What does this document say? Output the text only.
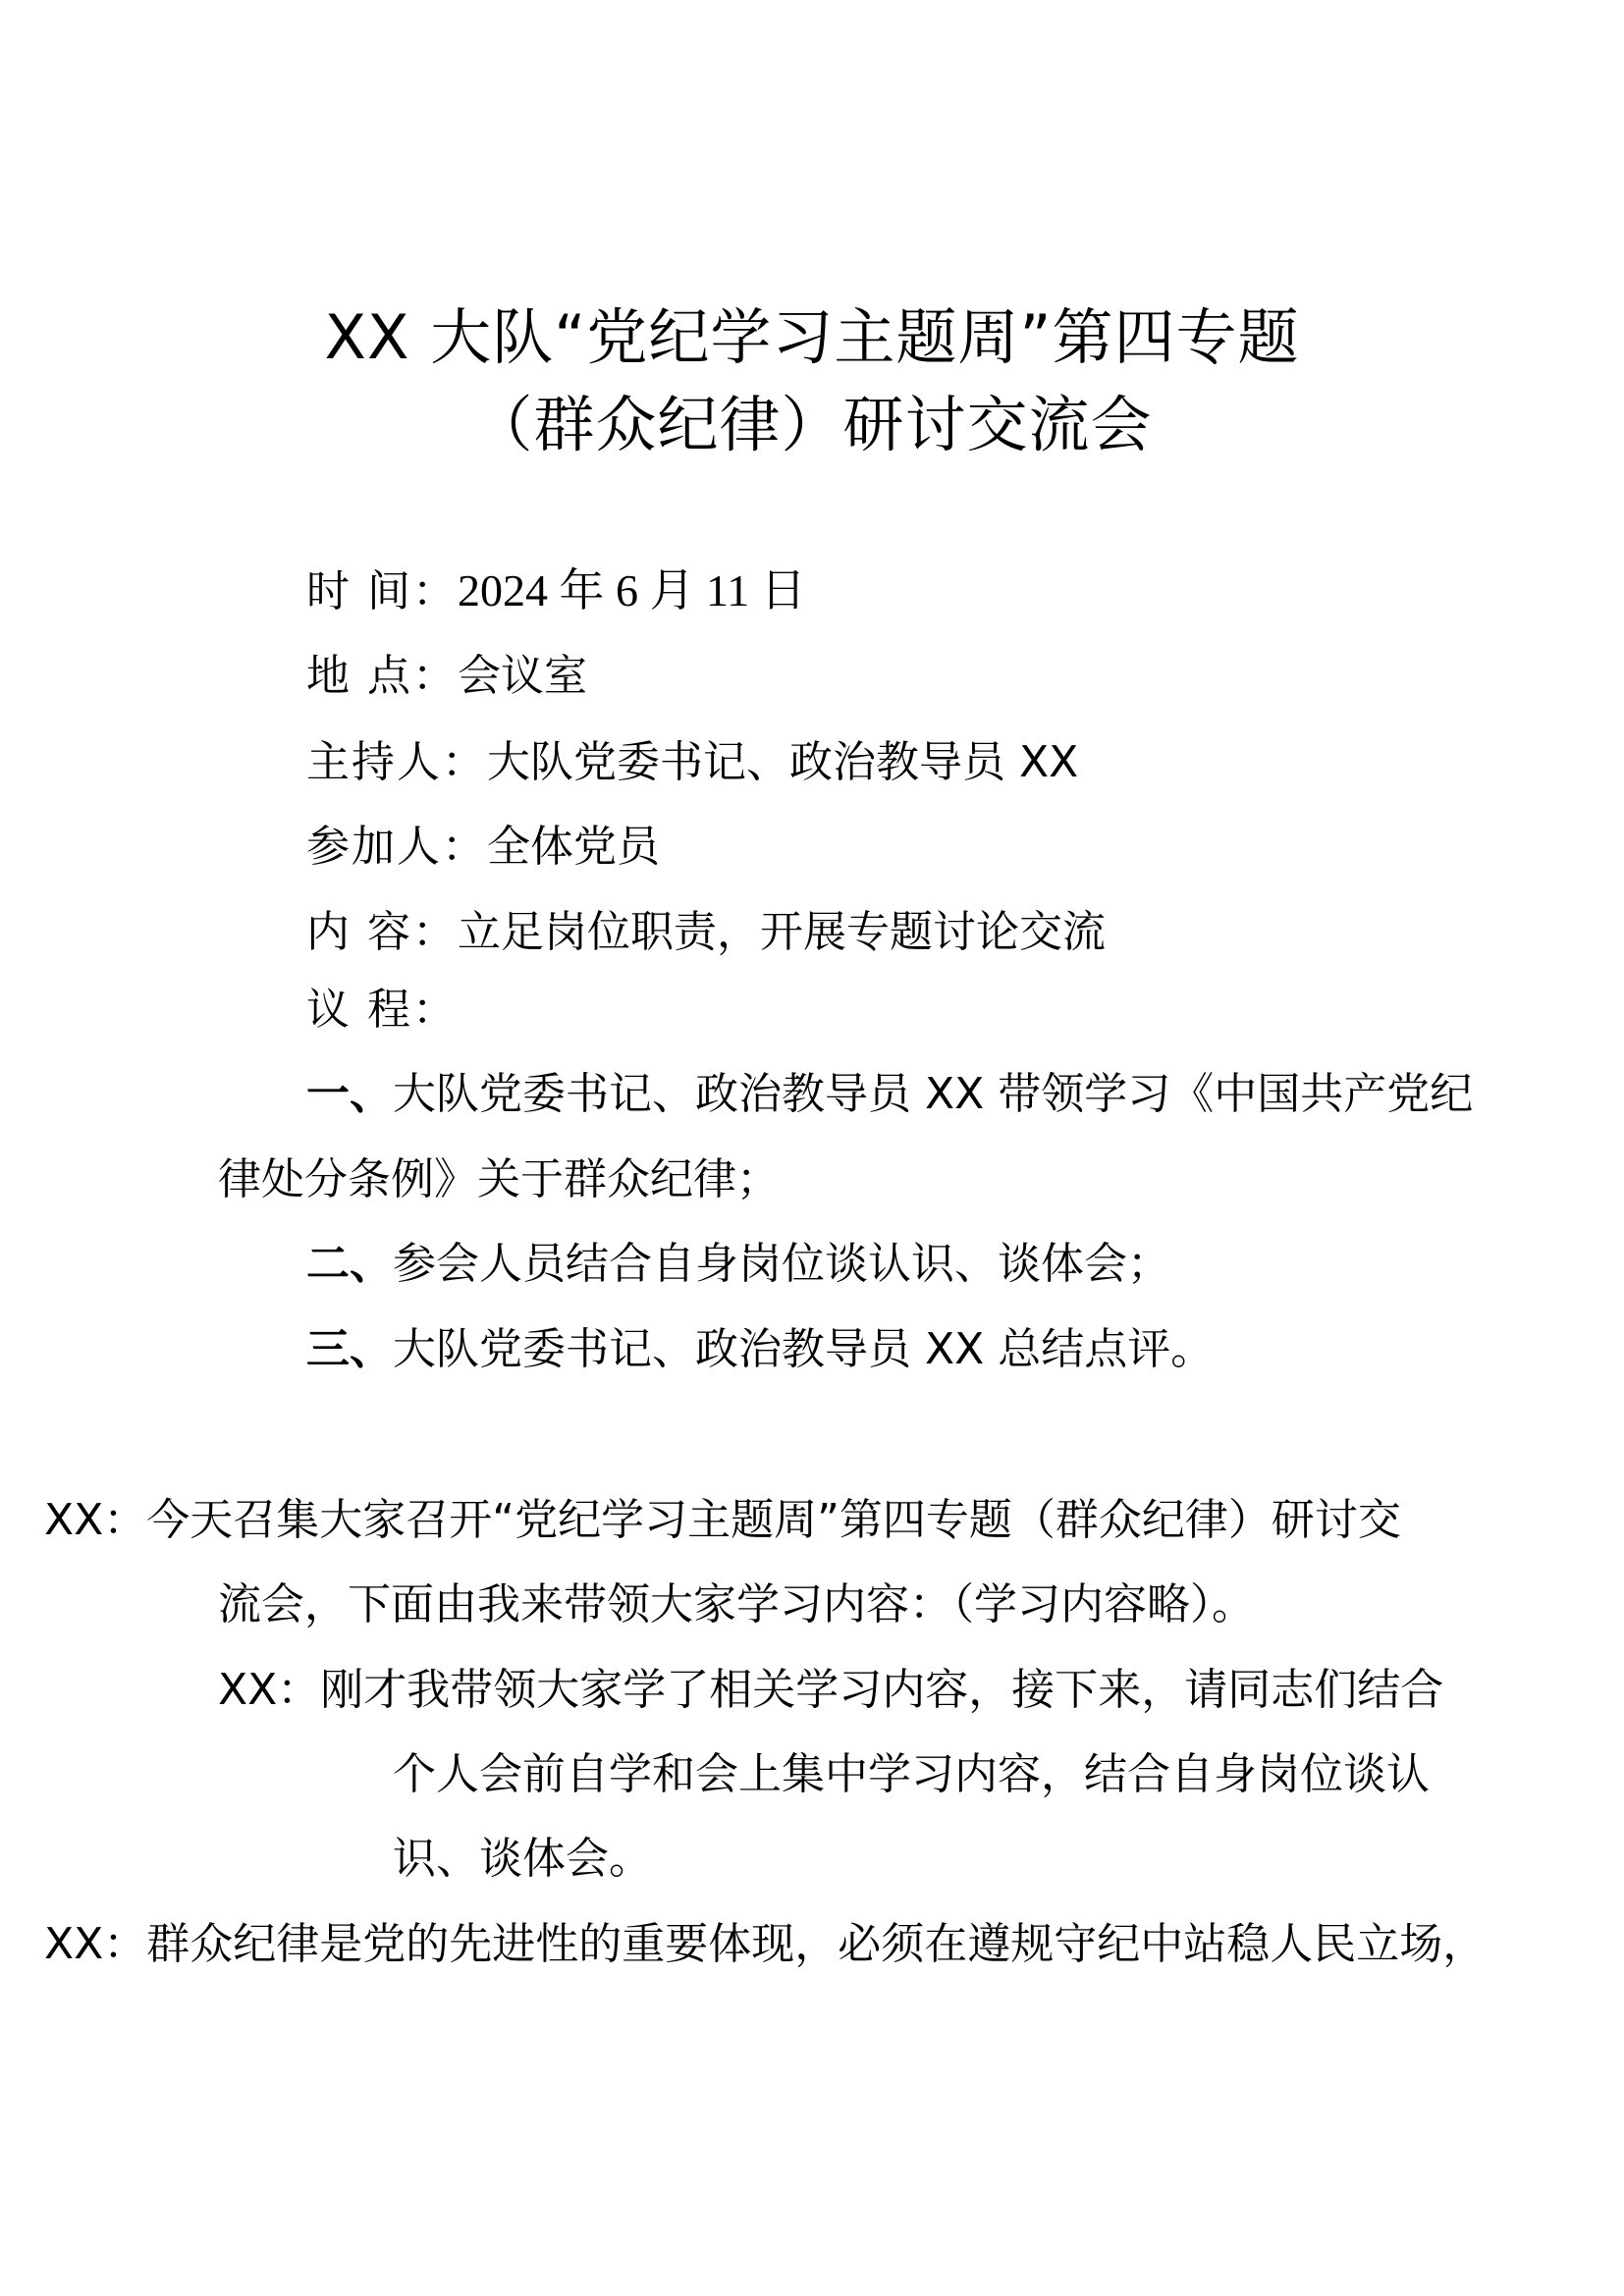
XX 大队“党纪学习主题周”第四专题
（群众纪律）研讨交流会
时 间：2024 年 6 月 11 日
地 点：会议室
主持人：大队党委书记、政治教导员 XX
参加人：全体党员
内 容：立足岗位职责，开展专题讨论交流
议 程：
一、大队党委书记、政治教导员 XX 带领学习《中国共产党纪
律处分条例》关于群众纪律；
二、参会人员结合自身岗位谈认识、谈体会；
三、大队党委书记、政治教导员 XX 总结点评。
XX：今天召集大家召开“党纪学习主题周”第四专题（群众纪律）研讨交
流会，下面由我来带领大家学习内容：（学习内容略）。
XX：刚才我带领大家学了相关学习内容，接下来，请同志们结合
个人会前自学和会上集中学习内容，结合自身岗位谈认
识、谈体会。
XX：群众纪律是党的先进性的重要体现，必须在遵规守纪中站稳人民立场，
